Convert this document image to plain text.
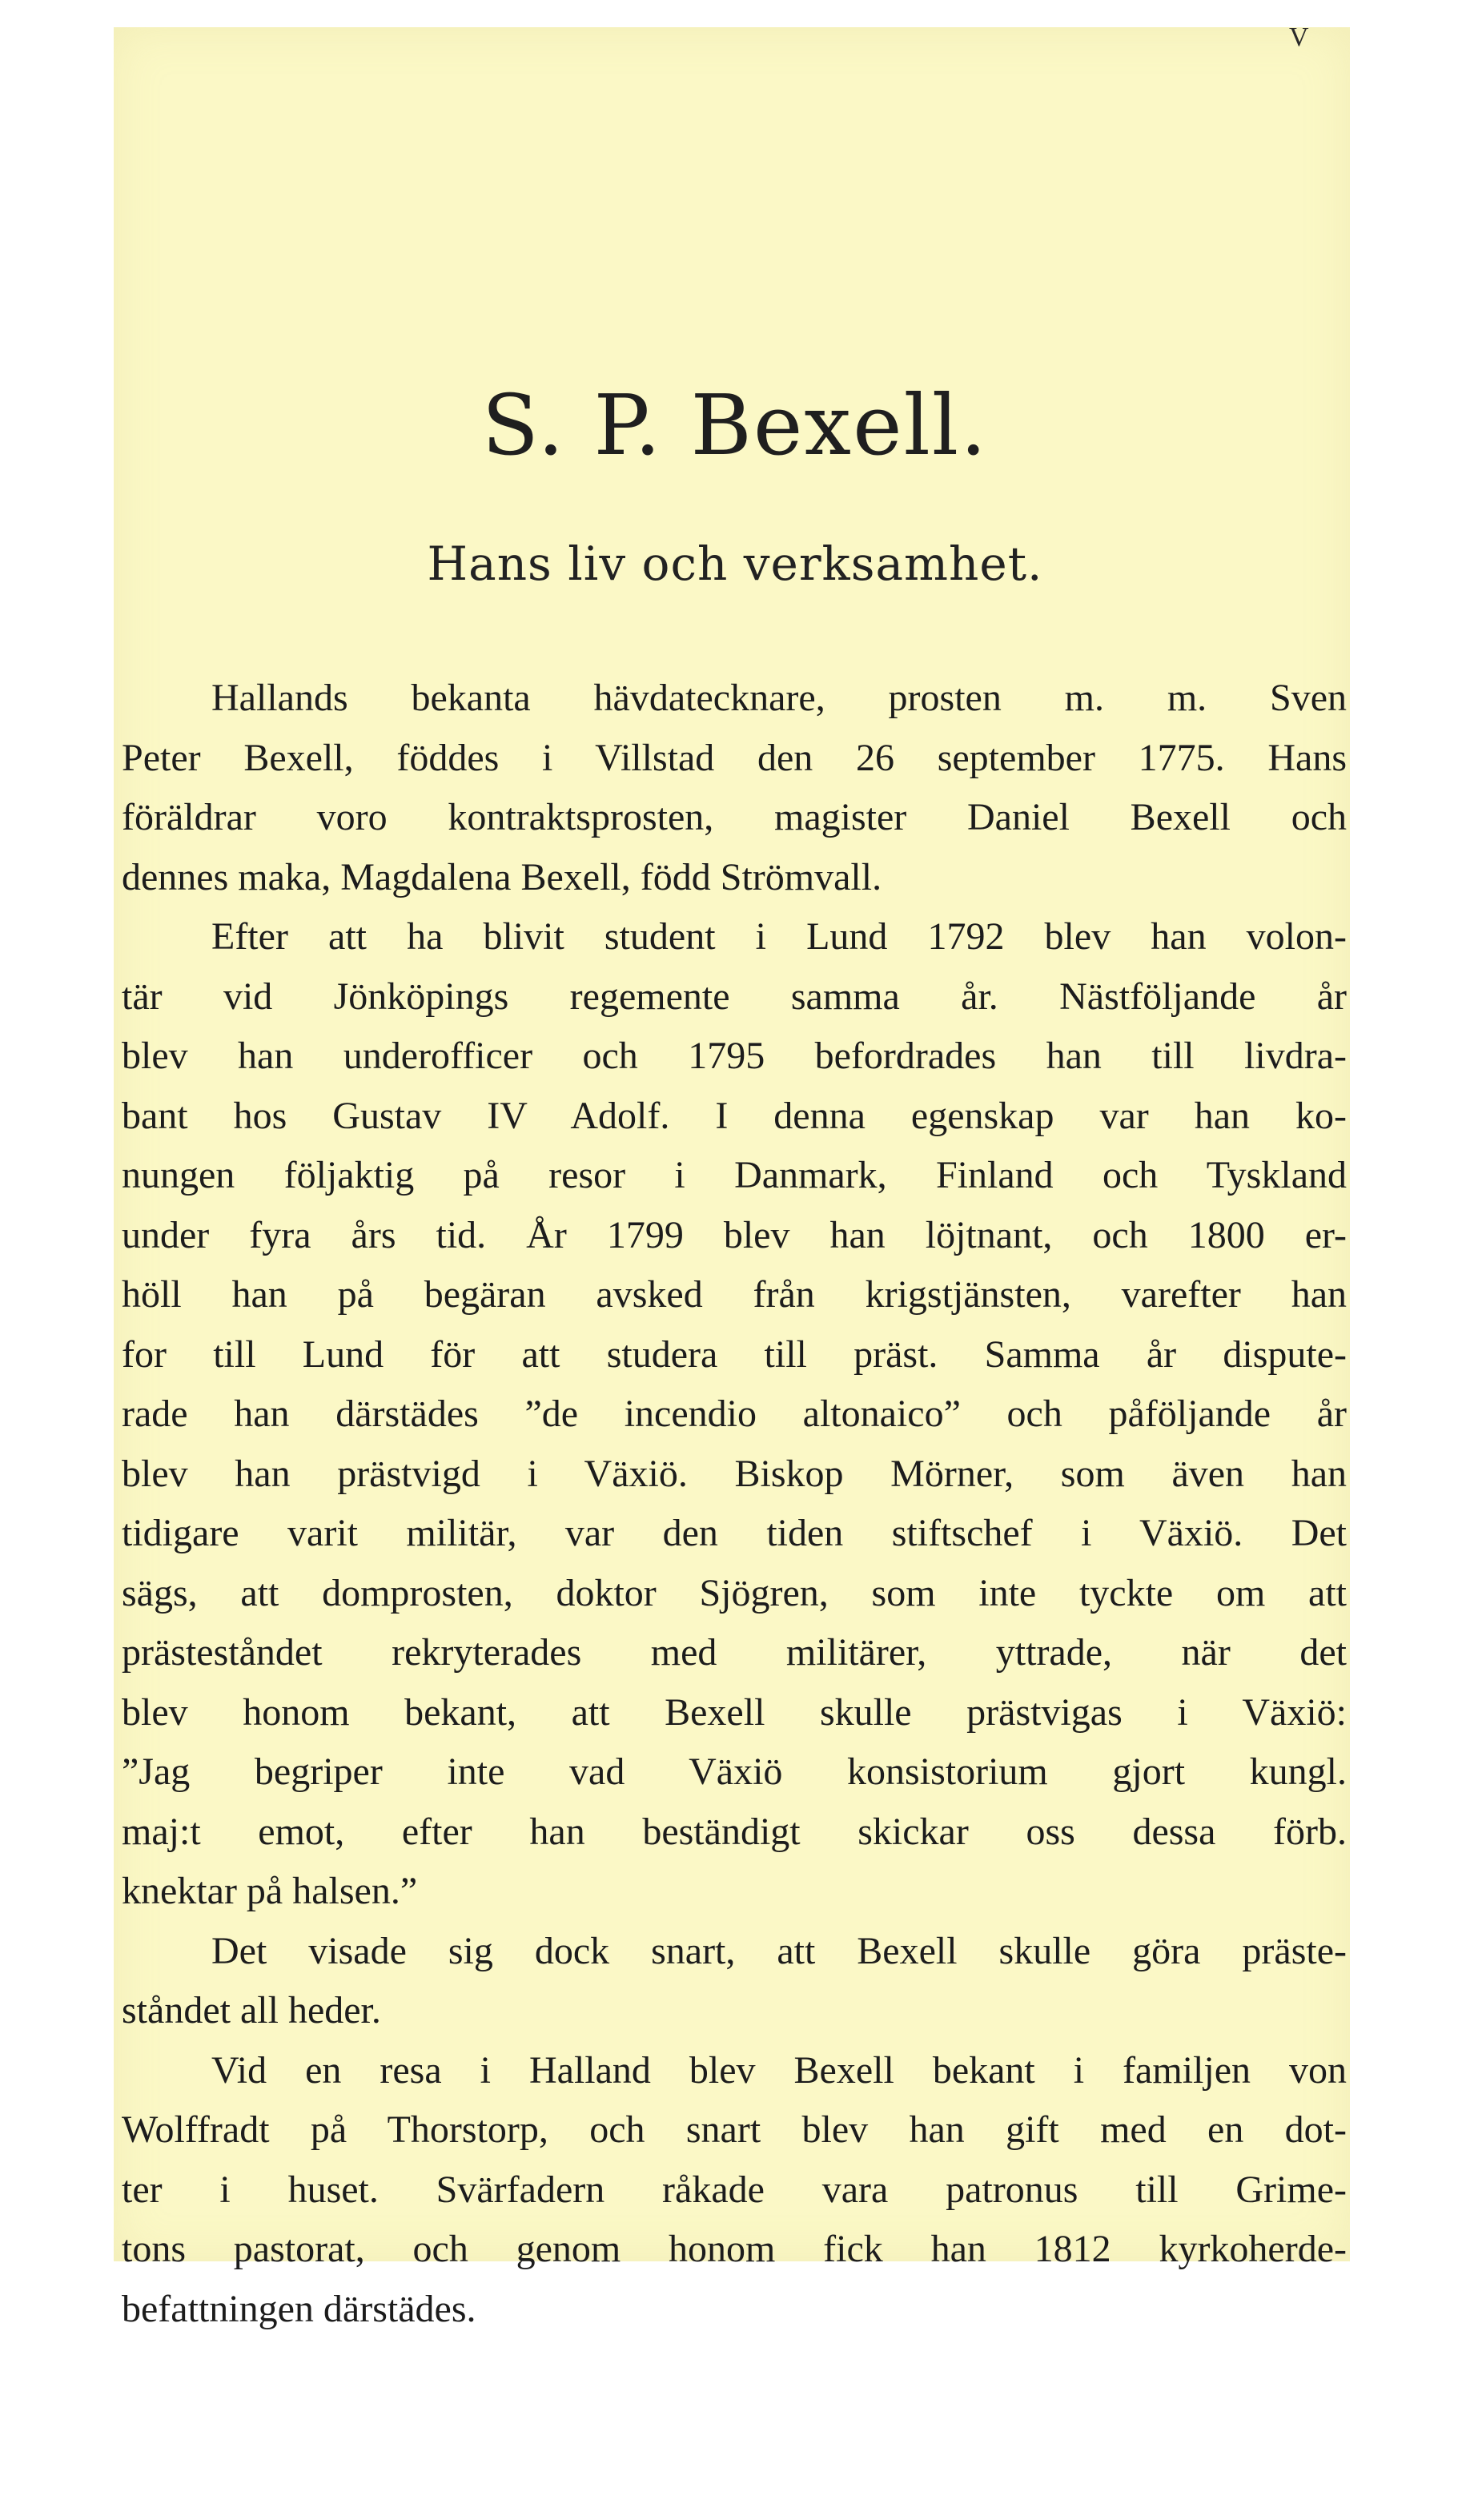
V
S. P. Bexell.
Hans liv och verksamhet.
Hallands bekanta hävdatecknare, prosten m. m. Sven
Peter Bexell, föddes i Villstad den 26 september 1775. Hans
föräldrar voro kontraktsprosten, magister Daniel Bexell och
dennes maka, Magdalena Bexell, född Strömvall.
Efter att ha blivit student i Lund 1792 blev han volon-
tär vid Jönköpings regemente samma år. Nästföljande år
blev han underofficer och 1795 befordrades han till livdra-
bant hos Gustav IV Adolf. I denna egenskap var han ko-
nungen följaktig på resor i Danmark, Finland och Tyskland
under fyra års tid. År 1799 blev han löjtnant, och 1800 er-
höll han på begäran avsked från krigstjänsten, varefter han
for till Lund för att studera till präst. Samma år dispute-
rade han därstädes ”de incendio altonaico” och påföljande år
blev han prästvigd i Växiö. Biskop Mörner, som även han
tidigare varit militär, var den tiden stiftschef i Växiö. Det
sägs, att domprosten, doktor Sjögren, som inte tyckte om att
prästeståndet rekryterades med militärer, yttrade, när det
blev honom bekant, att Bexell skulle prästvigas i Växiö:
”Jag begriper inte vad Växiö konsistorium gjort kungl.
maj:t emot, efter han beständigt skickar oss dessa förb.
knektar på halsen.”
Det visade sig dock snart, att Bexell skulle göra präste-
ståndet all heder.
Vid en resa i Halland blev Bexell bekant i familjen von
Wolffradt på Thorstorp, och snart blev han gift med en dot-
ter i huset. Svärfadern råkade vara patronus till Grime-
tons pastorat, och genom honom fick han 1812 kyrkoherde-
befattningen därstädes.
